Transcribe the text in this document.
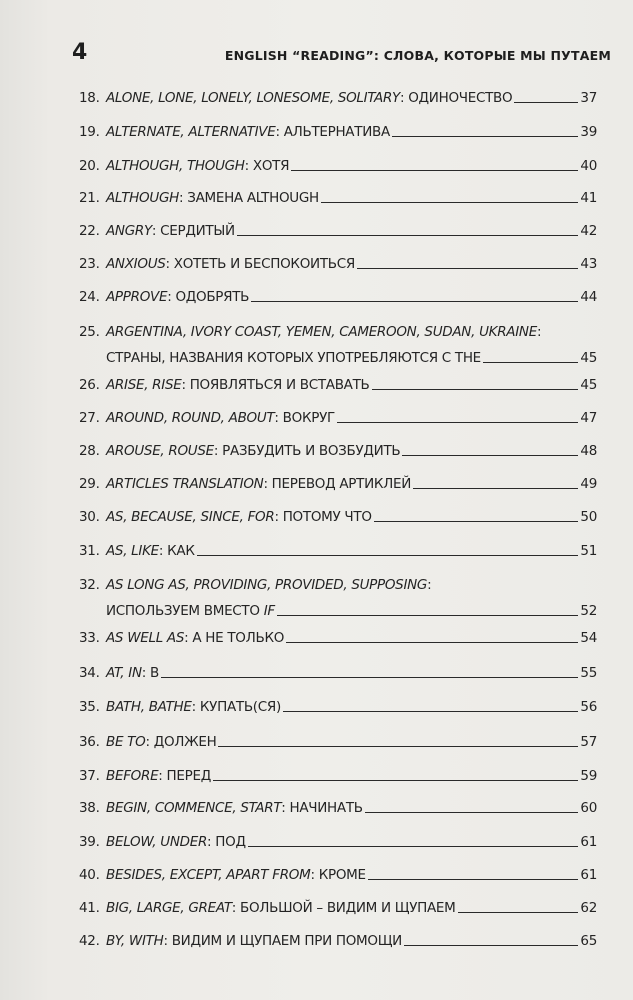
4	ENGLISH “READING”: СЛОВА, КОТОРЫЕ МЫ ПУТАЕМ
18. ALONE, LONE, LONELY, LONESOME, SOLITARY: ОДИНОЧЕСТВО	37
19. ALTERNATE, ALTERNATIVE: АЛЬТЕРНАТИВА	39
20. ALTHOUGH, THOUGH: ХОТЯ	40
21. ALTHOUGH: ЗАМЕНА ALTHOUGH	41
22. ANGRY: СЕРДИТЫЙ	42
23. ANXIOUS: ХОТЕТЬ И БЕСПОКОИТЬСЯ	43
24. APPROVE: ОДОБРЯТЬ	44
25. ARGENTINA, IVORY COAST, YEMEN, CAMEROON, SUDAN, UKRAINE:
СТРАНЫ, НАЗВАНИЯ КОТОРЫХ УПОТРЕБЛЯЮТСЯ С THE	45
26. ARISE, RISE: ПОЯВЛЯТЬСЯ И ВСТАВАТЬ	45
27. AROUND, ROUND, ABOUT: ВОКРУГ	47
28. AROUSE, ROUSE: РАЗБУДИТЬ И ВОЗБУДИТЬ	48
29. ARTICLES TRANSLATION: ПЕРЕВОД АРТИКЛЕЙ	49
30. AS, BECAUSE, SINCE, FOR: ПОТОМУ ЧТО	50
31. AS, LIKE: КАК	51
32. AS LONG AS, PROVIDING, PROVIDED, SUPPOSING:
ИСПОЛЬЗУЕМ ВМЕСТО IF	52
33. AS WELL AS: А НЕ ТОЛЬКО	54
34. AT, IN: В	55
35. BATH, BATHE: КУПАТЬ(СЯ)	56
36. BE TO: ДОЛЖЕН	57
37. BEFORE: ПЕРЕД	59
38. BEGIN, COMMENCE, START: НАЧИНАТЬ	60
39. BELOW, UNDER: ПОД	61
40. BESIDES, EXCEPT, APART FROM: КРОМЕ	61
41. BIG, LARGE, GREAT: БОЛЬШОЙ – ВИДИМ И ЩУПАЕМ	62
42. BY, WITH: ВИДИМ И ЩУПАЕМ ПРИ ПОМОЩИ	65
